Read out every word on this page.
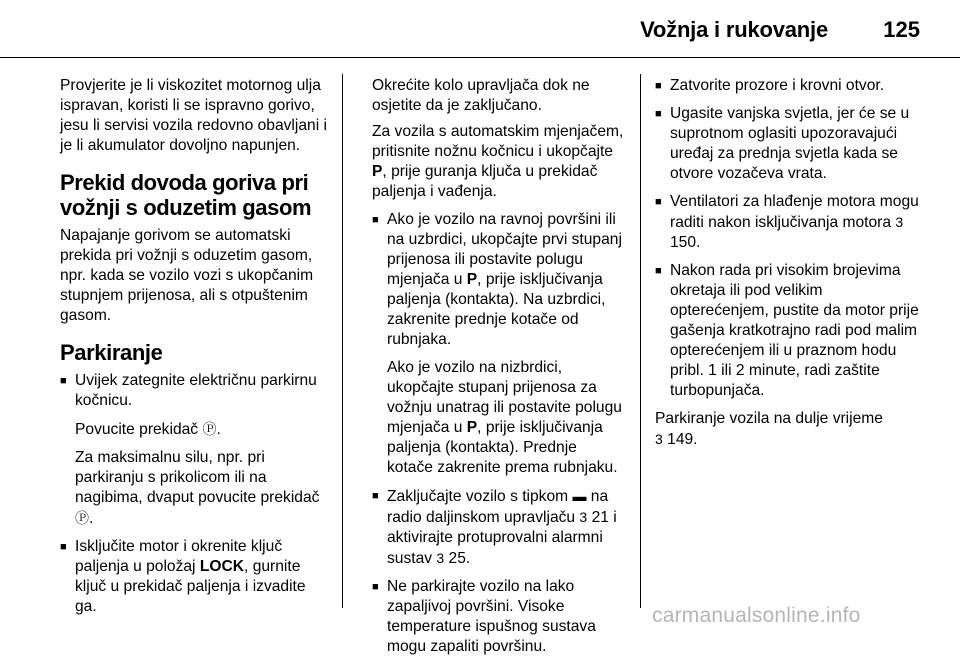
Vožnja i rukovanje	125

Provjerite je li viskozitet motornog ulja ispravan, koristi li se ispravno gorivo, jesu li servisi vozila redovno obavljani i je li akumulator dovoljno napunjen.

Prekid dovoda goriva pri vožnji s oduzetim gasom

Napajanje gorivom se automatski prekida pri vožnji s oduzetim gasom, npr. kada se vozilo vozi s ukopčanim stupnjem prijenosa, ali s otpuštenim gasom.

Parkiranje
■ Uvijek zategnite električnu parkirnu kočnicu.
Povucite prekidač Ⓟ.
Za maksimalnu silu, npr. pri parkiranju s prikolicom ili na nagibima, dvaput povucite prekidač Ⓟ.
■ Isključite motor i okrenite ključ paljenja u položaj LOCK, gurnite ključ u prekidač paljenja i izvadite ga.

Okrećite kolo upravljača dok ne osjetite da je zaključano.

Za vozila s automatskim mjenjačem, pritisnite nožnu kočnicu i ukopčajte P, prije guranja ključa u prekidač paljenja i vađenja.

■ Ako je vozilo na ravnoj površini ili na uzbrdici, ukopčajte prvi stupanj prijenosa ili postavite polugu mjenjača u P, prije isključivanja paljenja (kontakta). Na uzbrdici, zakrenite prednje kotače od rubnjaka.
Ako je vozilo na nizbrdici, ukopčajte stupanj prijenosa za vožnju unatrag ili postavite polugu mjenjača u P, prije isključivanja paljenja (kontakta). Prednje kotače zakrenite prema rubnjaku.
■ Zaključajte vozilo s tipkom ▬ na radio daljinskom upravljaču 3 21 i aktivirajte protuprovalni alarmni sustav 3 25.
■ Ne parkirajte vozilo na lako zapaljivoj površini. Visoke temperature ispušnog sustava mogu zapaliti površinu.
■ Zatvorite prozore i krovni otvor.
■ Ugasite vanjska svjetla, jer će se u suprotnom oglasiti upozoravajući uređaj za prednja svjetla kada se otvore vozačeva vrata.
■ Ventilatori za hlađenje motora mogu raditi nakon isključivanja motora 3 150.
■ Nakon rada pri visokim brojevima okretaja ili pod velikim opterećenjem, pustite da motor prije gašenja kratkotrajno radi pod malim opterećenjem ili u praznom hodu pribl. 1 ili 2 minute, radi zaštite turbopunjača.

Parkiranje vozila na dulje vrijeme
3 149.

carmanualsonline.info
